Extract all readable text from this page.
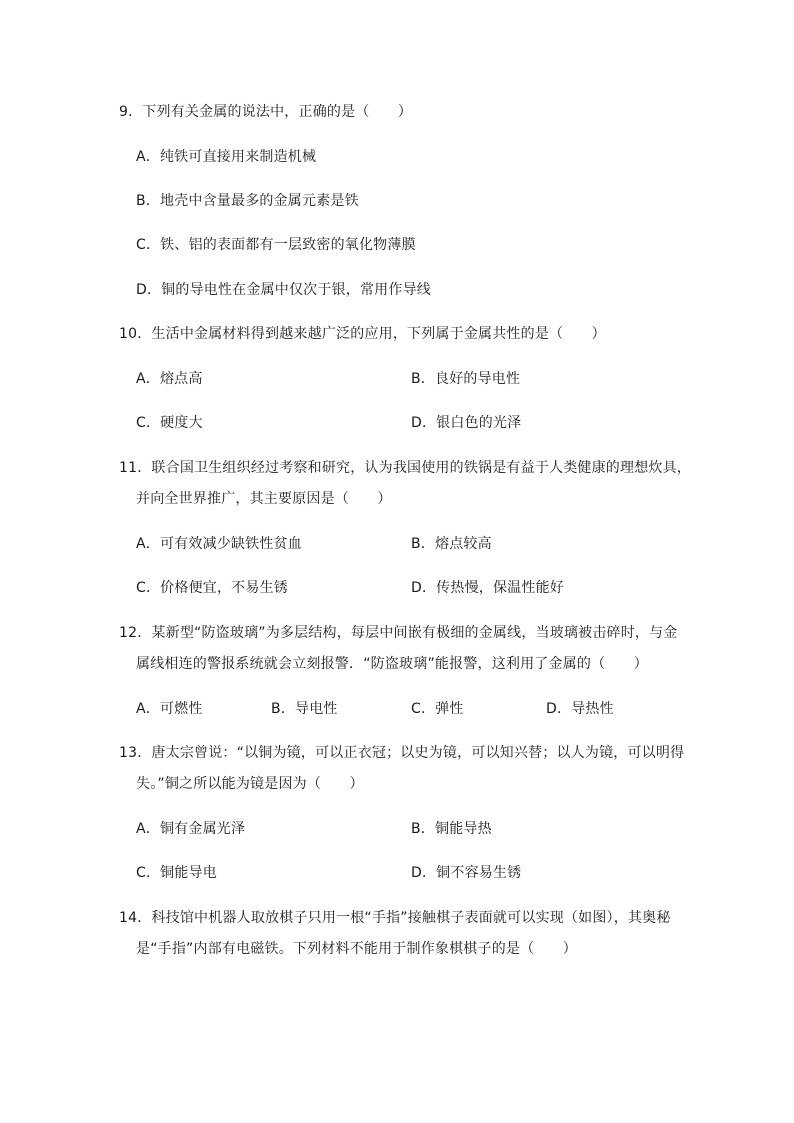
9．下列有关金属的说法中，正确的是（　　）
A．纯铁可直接用来制造机械
B．地壳中含量最多的金属元素是铁
C．铁、铝的表面都有一层致密的氧化物薄膜
D．铜的导电性在金属中仅次于银，常用作导线
10．生活中金属材料得到越来越广泛的应用，下列属于金属共性的是（　　）
A．熔点高	B．良好的导电性
C．硬度大	D．银白色的光泽
11．联合国卫生组织经过考察和研究，认为我国使用的铁锅是有益于人类健康的理想炊具，
并向全世界推广，其主要原因是（　　）
A．可有效减少缺铁性贫血	B．熔点较高
C．价格便宜，不易生锈	D．传热慢，保温性能好
12．某新型“防盗玻璃”为多层结构，每层中间嵌有极细的金属线，当玻璃被击碎时，与金
属线相连的警报系统就会立刻报警．“防盗玻璃”能报警，这利用了金属的（　　）
A．可燃性	B．导电性	C．弹性	D．导热性
13．唐太宗曾说：“以铜为镜，可以正衣冠；以史为镜，可以知兴替；以人为镜，可以明得
失。”铜之所以能为镜是因为（　　）
A．铜有金属光泽	B．铜能导热
C．铜能导电	D．铜不容易生锈
14．科技馆中机器人取放棋子只用一根“手指”接触棋子表面就可以实现（如图），其奥秘
是“手指”内部有电磁铁。下列材料不能用于制作象棋棋子的是（　　）
